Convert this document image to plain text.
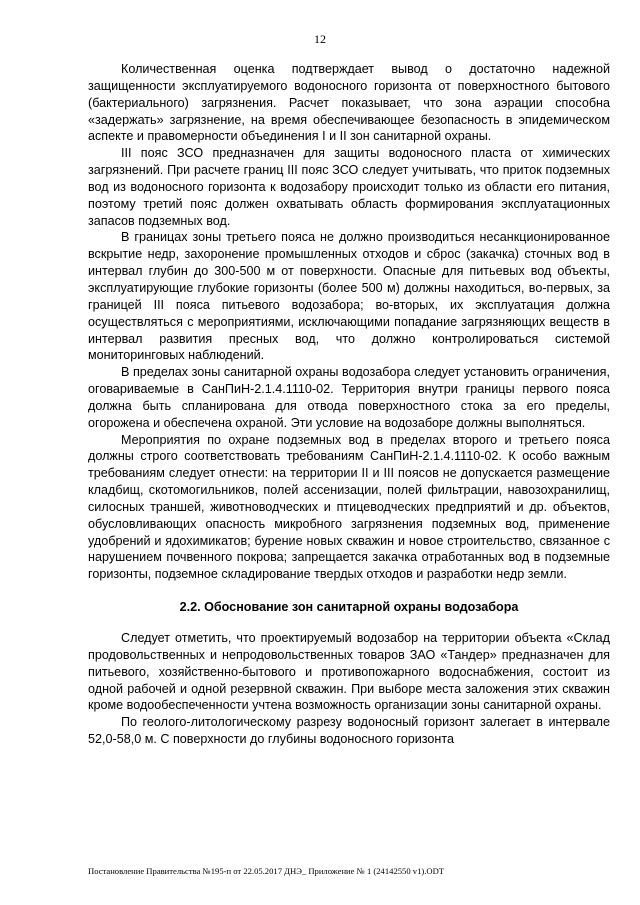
12

Количественная оценка подтверждает вывод о достаточно надежной защищенности эксплуатируемого водоносного горизонта от поверхностного бытового (бактериального) загрязнения. Расчет показывает, что зона аэрации способна «задержать» загрязнение, на время обеспечивающее безопасность в эпидемическом аспекте и правомерности объединения I и II зон санитарной охраны.

III пояс ЗСО предназначен для защиты водоносного пласта от химических загрязнений. При расчете границ III пояс ЗСО следует учитывать, что приток подземных вод из водоносного горизонта к водозабору происходит только из области его питания, поэтому третий пояс должен охватывать область формирования эксплуатационных запасов подземных вод.

В границах зоны третьего пояса не должно производиться несанкционированное вскрытие недр, захоронение промышленных отходов и сброс (закачка) сточных вод в интервал глубин до 300-500 м от поверхности. Опасные для питьевых вод объекты, эксплуатирующие глубокие горизонты (более 500 м) должны находиться, во-первых, за границей III пояса питьевого водозабора; во-вторых, их эксплуатация должна осуществляться с мероприятиями, исключающими попадание загрязняющих веществ в интервал развития пресных вод, что должно контролироваться системой мониторинговых наблюдений.

В пределах зоны санитарной охраны водозабора следует установить ограничения, оговариваемые в СанПиН-2.1.4.1110-02. Территория внутри границы первого пояса должна быть спланирована для отвода поверхностного стока за его пределы, огорожена и обеспечена охраной. Эти условие на водозаборе должны выполняться.

Мероприятия по охране подземных вод в пределах второго и третьего пояса должны строго соответствовать требованиям СанПиН-2.1.4.1110-02. К особо важным требованиям следует отнести: на территории II и III поясов не допускается размещение кладбищ, скотомогильников, полей ассенизации, полей фильтрации, навозохранилищ, силосных траншей, животноводческих и птицеводческих предприятий и др. объектов, обусловливающих опасность микробного загрязнения подземных вод, применение удобрений и ядохимикатов; бурение новых скважин и новое строительство, связанное с нарушением почвенного покрова; запрещается закачка отработанных вод в подземные горизонты, подземное складирование твердых отходов и разработки недр земли.

2.2. Обоснование зон санитарной охраны водозабора

Следует отметить, что проектируемый водозабор на территории объекта «Склад продовольственных и непродовольственных товаров ЗАО «Тандер» предназначен для питьевого, хозяйственно-бытового и противопожарного водоснабжения, состоит из одной рабочей и одной резервной скважин. При выборе места заложения этих скважин кроме водообеспеченности учтена возможность организации зоны санитарной охраны.

По геолого-литологическому разрезу водоносный горизонт залегает в интервале 52,0-58,0 м. С поверхности до глубины водоносного горизонта

Постановление Правительства №195-п от 22.05.2017 ДНЭ_ Приложение № 1 (24142550 v1).ODT
